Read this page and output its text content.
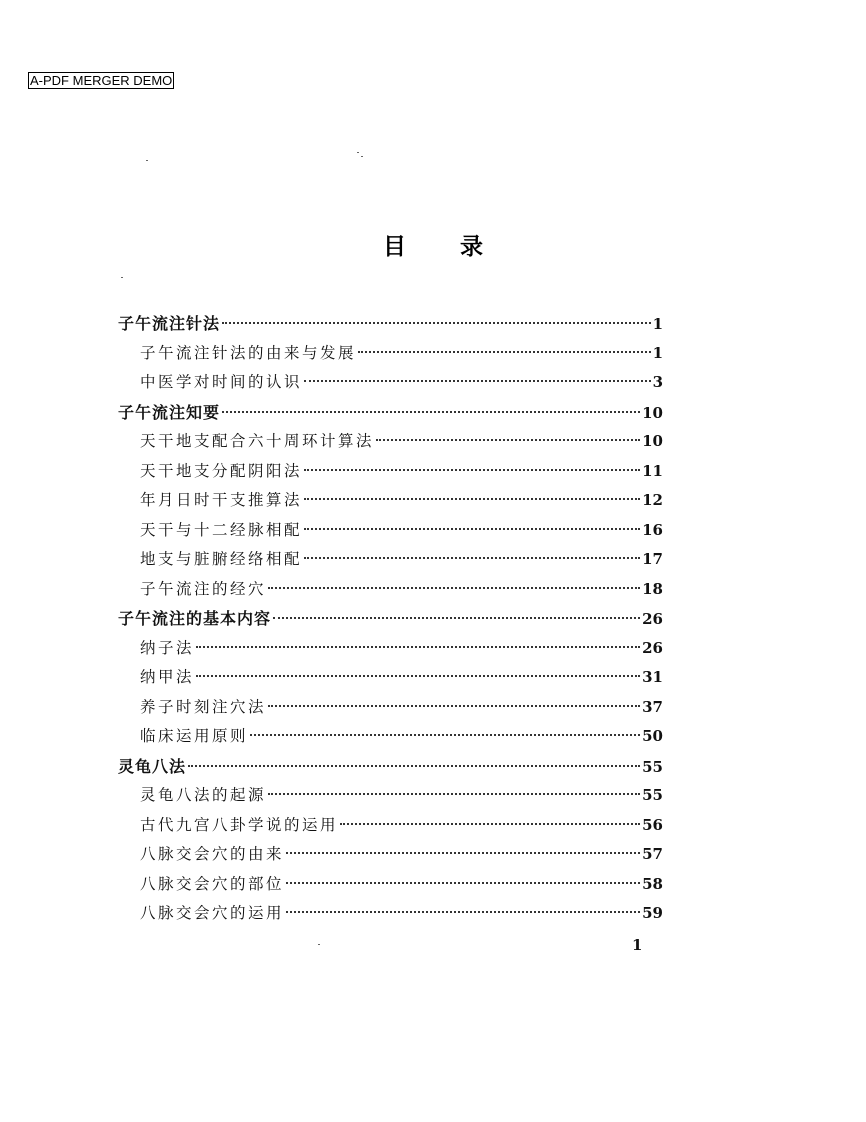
A-PDF MERGER DEMO
目录
子午流注针法	1
子午流注针法的由来与发展	1
中医学对时间的认识	3
子午流注知要	10
天干地支配合六十周环计算法	10
天干地支分配阴阳法	11
年月日时干支推算法	12
天干与十二经脉相配	16
地支与脏腑经络相配	17
子午流注的经穴	18
子午流注的基本内容	26
纳子法	26
纳甲法	31
养子时刻注穴法	37
临床运用原则	50
灵龟八法	55
灵龟八法的起源	55
古代九宫八卦学说的运用	56
八脉交会穴的由来	57
八脉交会穴的部位	58
八脉交会穴的运用	59
1
